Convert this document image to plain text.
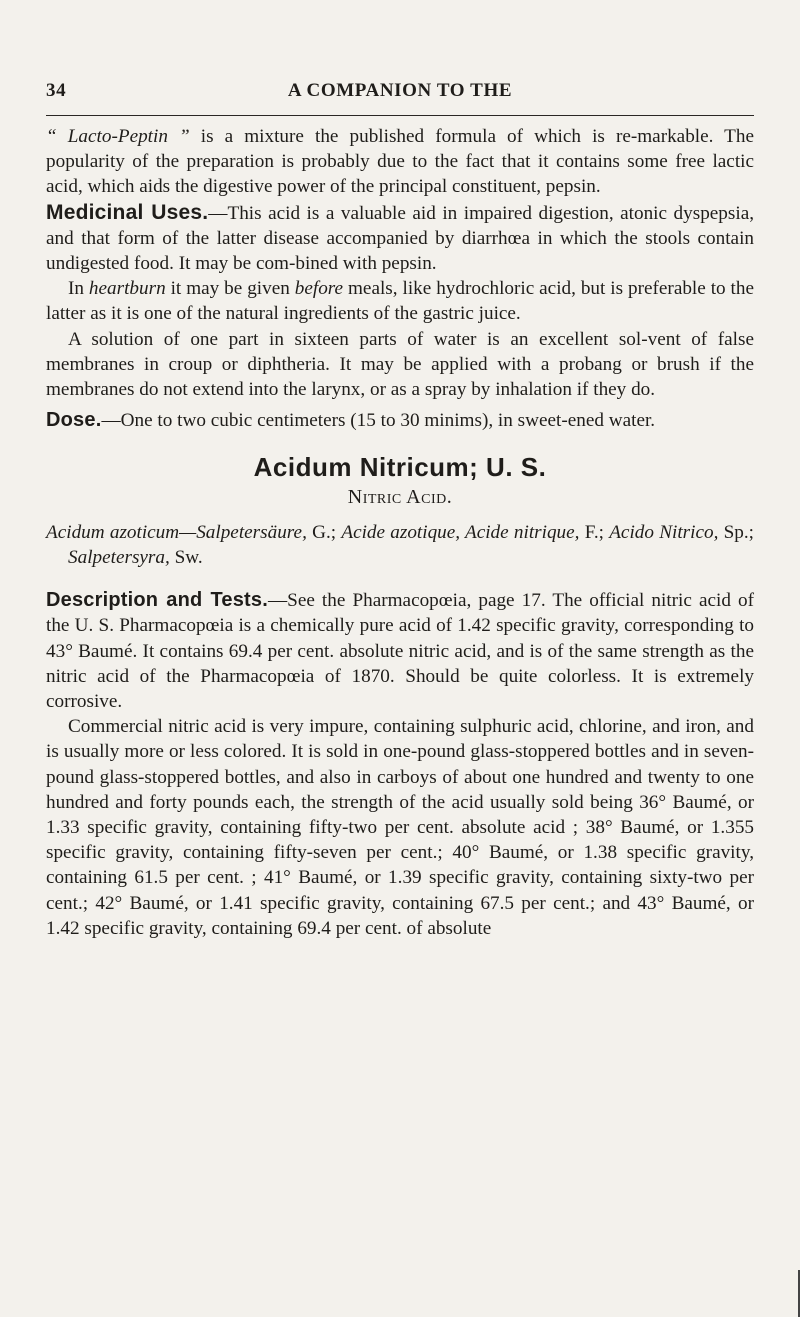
34	A COMPANION TO THE

“ Lacto-Peptin ” is a mixture the published formula of which is re-markable. The popularity of the preparation is probably due to the fact that it contains some free lactic acid, which aids the digestive power of the principal constituent, pepsin.

Medicinal Uses.—This acid is a valuable aid in impaired digestion, atonic dyspepsia, and that form of the latter disease accompanied by diarrhœa in which the stools contain undigested food. It may be com-bined with pepsin.

In heartburn it may be given before meals, like hydrochloric acid, but is preferable to the latter as it is one of the natural ingredients of the gastric juice.

A solution of one part in sixteen parts of water is an excellent sol-vent of false membranes in croup or diphtheria. It may be applied with a probang or brush if the membranes do not extend into the larynx, or as a spray by inhalation if they do.

Dose.—One to two cubic centimeters (15 to 30 minims), in sweet-ened water.

Acidum Nitricum; U. S.
Nitric Acid.

Acidum azoticum—Salpetersäure, G.; Acide azotique, Acide nitrique, F.; Acido Nitrico, Sp.; Salpetersyra, Sw.

Description and Tests.—See the Pharmacopœia, page 17. The official nitric acid of the U. S. Pharmacopœia is a chemically pure acid of 1.42 specific gravity, corresponding to 43° Baumé. It contains 69.4 per cent. absolute nitric acid, and is of the same strength as the nitric acid of the Pharmacopœia of 1870. Should be quite colorless. It is extremely corrosive.

Commercial nitric acid is very impure, containing sulphuric acid, chlorine, and iron, and is usually more or less colored. It is sold in one-pound glass-stoppered bottles and in seven-pound glass-stoppered bottles, and also in carboys of about one hundred and twenty to one hundred and forty pounds each, the strength of the acid usually sold being 36° Baumé, or 1.33 specific gravity, containing fifty-two per cent. absolute acid ; 38° Baumé, or 1.355 specific gravity, containing fifty-seven per cent.; 40° Baumé, or 1.38 specific gravity, containing 61.5 per cent. ; 41° Baumé, or 1.39 specific gravity, containing sixty-two per cent.; 42° Baumé, or 1.41 specific gravity, containing 67.5 per cent.; and 43° Baumé, or 1.42 specific gravity, containing 69.4 per cent. of absolute
